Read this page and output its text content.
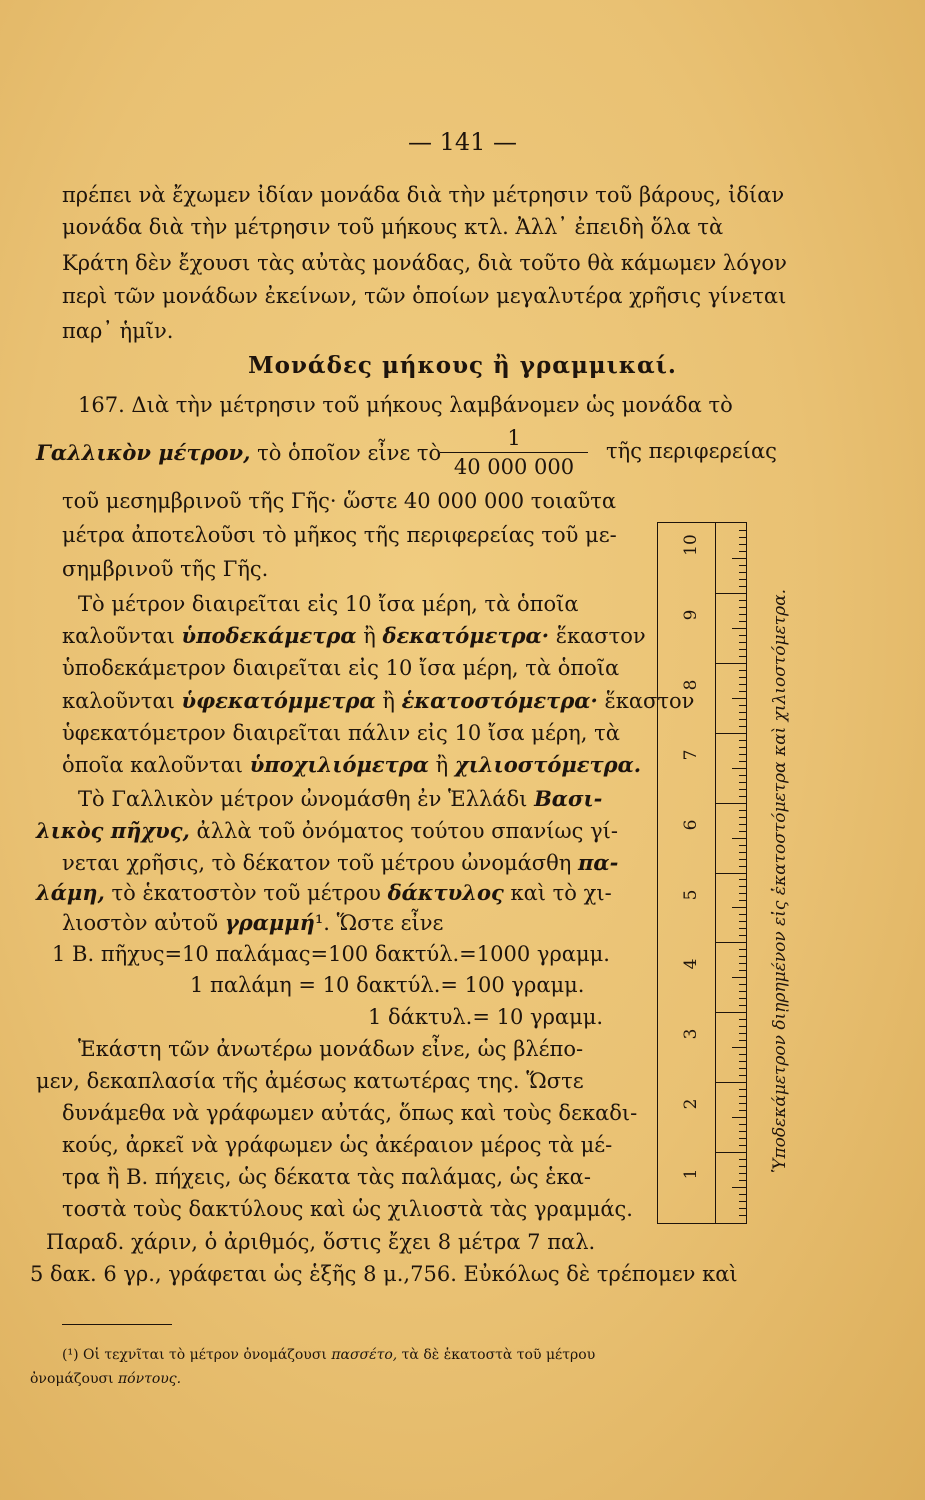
— 141 —
πρέπει νὰ ἔχωμεν ἰδίαν μονάδα διὰ τὴν μέτρησιν τοῦ βάρους, ἰδίαν
μονάδα διὰ τὴν μέτρησιν τοῦ μήκους κτλ. Ἀλλ᾿ ἐπειδὴ ὅλα τὰ
Κράτη δὲν ἔχουσι τὰς αὐτὰς μονάδας, διὰ τοῦτο θὰ κάμωμεν λόγον
περὶ τῶν μονάδων ἐκείνων, τῶν ὁποίων μεγαλυτέρα χρῆσις γίνεται
παρ᾿ ἡμῖν.
Μονάδες μήκους ἢ γραμμικαί.
167. Διὰ τὴν μέτρησιν τοῦ μήκους λαμβάνομεν ὡς μονάδα τὸ
Γαλλικὸν μέτρον, τὸ ὁποῖον εἶνε τὸ
1
40 000 000
τῆς περιφερείας
τοῦ μεσημβρινοῦ τῆς Γῆς· ὥστε 40 000 000 τοιαῦτα
μέτρα ἀποτελοῦσι τὸ μῆκος τῆς περιφερείας τοῦ με-
σημβρινοῦ τῆς Γῆς.
Τὸ μέτρον διαιρεῖται εἰς 10 ἴσα μέρη, τὰ ὁποῖα
καλοῦνται ὑποδεκάμετρα ἢ δεκατόμετρα· ἕκαστον
ὑποδεκάμετρον διαιρεῖται εἰς 10 ἴσα μέρη, τὰ ὁποῖα
καλοῦνται ὑφεκατόμμετρα ἢ ἑκατοστόμετρα· ἕκαστον
ὑφεκατόμετρον διαιρεῖται πάλιν εἰς 10 ἴσα μέρη, τὰ
ὁποῖα καλοῦνται ὑποχιλιόμετρα ἢ χιλιοστόμετρα.
Τὸ Γαλλικὸν μέτρον ὠνομάσθη ἐν Ἑλλάδι Βασι-
λικὸς πῆχυς, ἀλλὰ τοῦ ὀνόματος τούτου σπανίως γί-
νεται χρῆσις, τὸ δέκατον τοῦ μέτρου ὠνομάσθη πα-
λάμη, τὸ ἑκατοστὸν τοῦ μέτρου δάκτυλος καὶ τὸ χι-
λιοστὸν αὐτοῦ γραμμή¹. Ὥστε εἶνε
1 Β. πῆχυς=10 παλάμας=100 δακτύλ.=1000 γραμμ.
1 παλάμη = 10 δακτύλ.= 100 γραμμ.
1 δάκτυλ.= 10 γραμμ.
Ἑκάστη τῶν ἀνωτέρω μονάδων εἶνε, ὡς βλέπο-
μεν, δεκαπλασία τῆς ἀμέσως κατωτέρας της. Ὥστε
δυνάμεθα νὰ γράφωμεν αὐτάς, ὅπως καὶ τοὺς δεκαδι-
κούς, ἀρκεῖ νὰ γράφωμεν ὡς ἀκέραιον μέρος τὰ μέ-
τρα ἢ Β. πήχεις, ὡς δέκατα τὰς παλάμας, ὡς ἑκα-
τοστὰ τοὺς δακτύλους καὶ ὡς χιλιοστὰ τὰς γραμμάς.
Παραδ. χάριν, ὁ ἀριθμός, ὅστις ἔχει 8 μέτρα 7 παλ.
5 δακ. 6 γρ., γράφεται ὡς ἑξῆς 8 μ.,756. Εὐκόλως δὲ τρέπομεν καὶ
1
2
3
4
5
6
7
8
9
10
Ὑποδεκάμετρον διῃρημένον εἰς ἑκατοστόμετρα καὶ χιλιοστόμετρα.
(¹) Οἱ τεχνῖται τὸ μέτρον ὀνομάζουσι πασσέτο, τὰ δὲ ἑκατοστὰ τοῦ μέτρου
ὀνομάζουσι πόντους.
